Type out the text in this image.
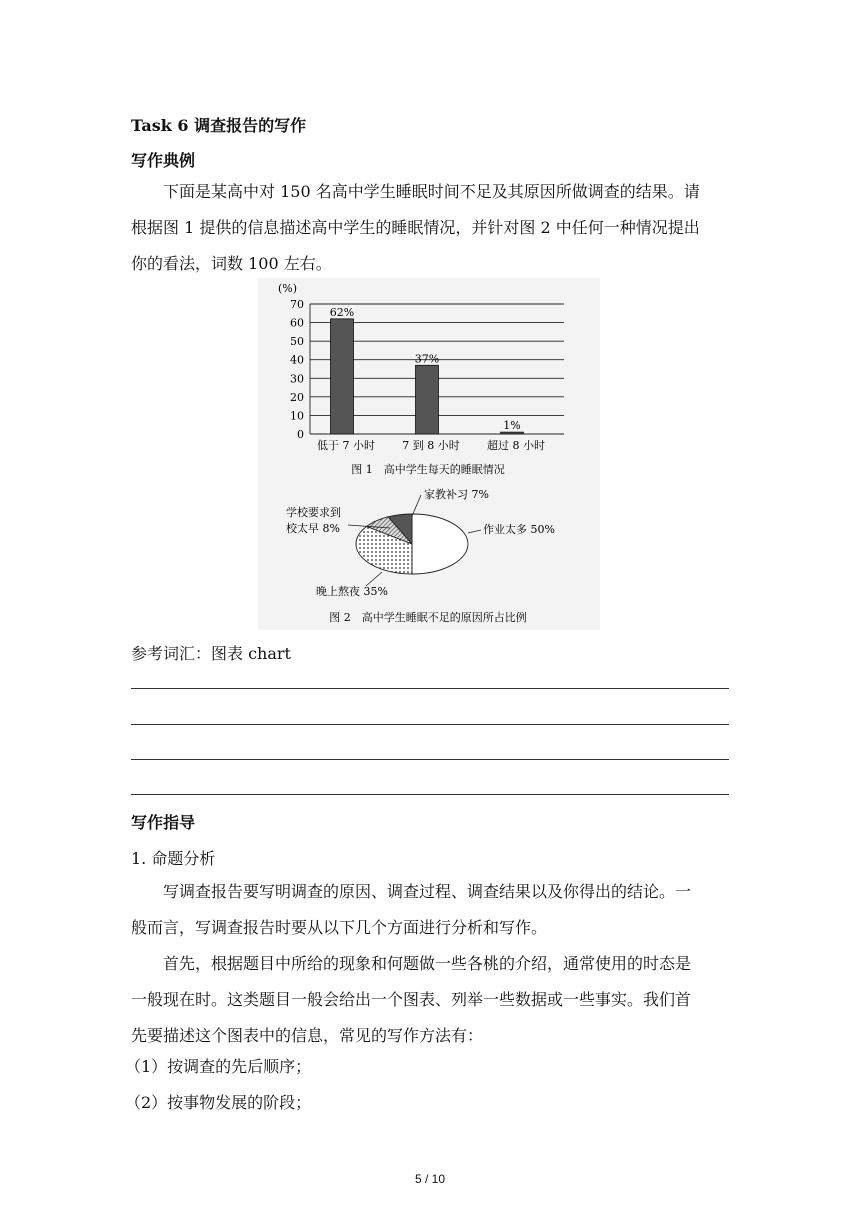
Task 6 调查报告的写作
写作典例

下面是某高中对 150 名高中学生睡眠时间不足及其原因所做调查的结果。请
根据图 1 提供的信息描述高中学生的睡眠情况，并针对图 2 中任何一种情况提出
你的看法，词数 100 左右。

(%)
0
10
20
30
40
50
60
70
62%
37%
1%
低于 7 小时 7 到 8 小时 超过 8 小时
图 1　高中学生每天的睡眠情况
学校要求到
校太早 8%
家教补习 7%
作业太多 50%
晚上熬夜 35%
图 2　高中学生睡眠不足的原因所占比例
参考词汇：图表 chart
写作指导
1. 命题分析

写调查报告要写明调查的原因、调查过程、调查结果以及你得出的结论。一
般而言，写调查报告时要从以下几个方面进行分析和写作。

首先，根据题目中所给的现象和何题做一些各桃的介绍，通常使用的时态是
一般现在时。这类题目一般会给出一个图表、列举一些数据或一些事实。我们首
先要描述这个图表中的信息，常见的写作方法有：

（1）按调查的先后顺序；
（2）按事物发展的阶段；
5 / 10
